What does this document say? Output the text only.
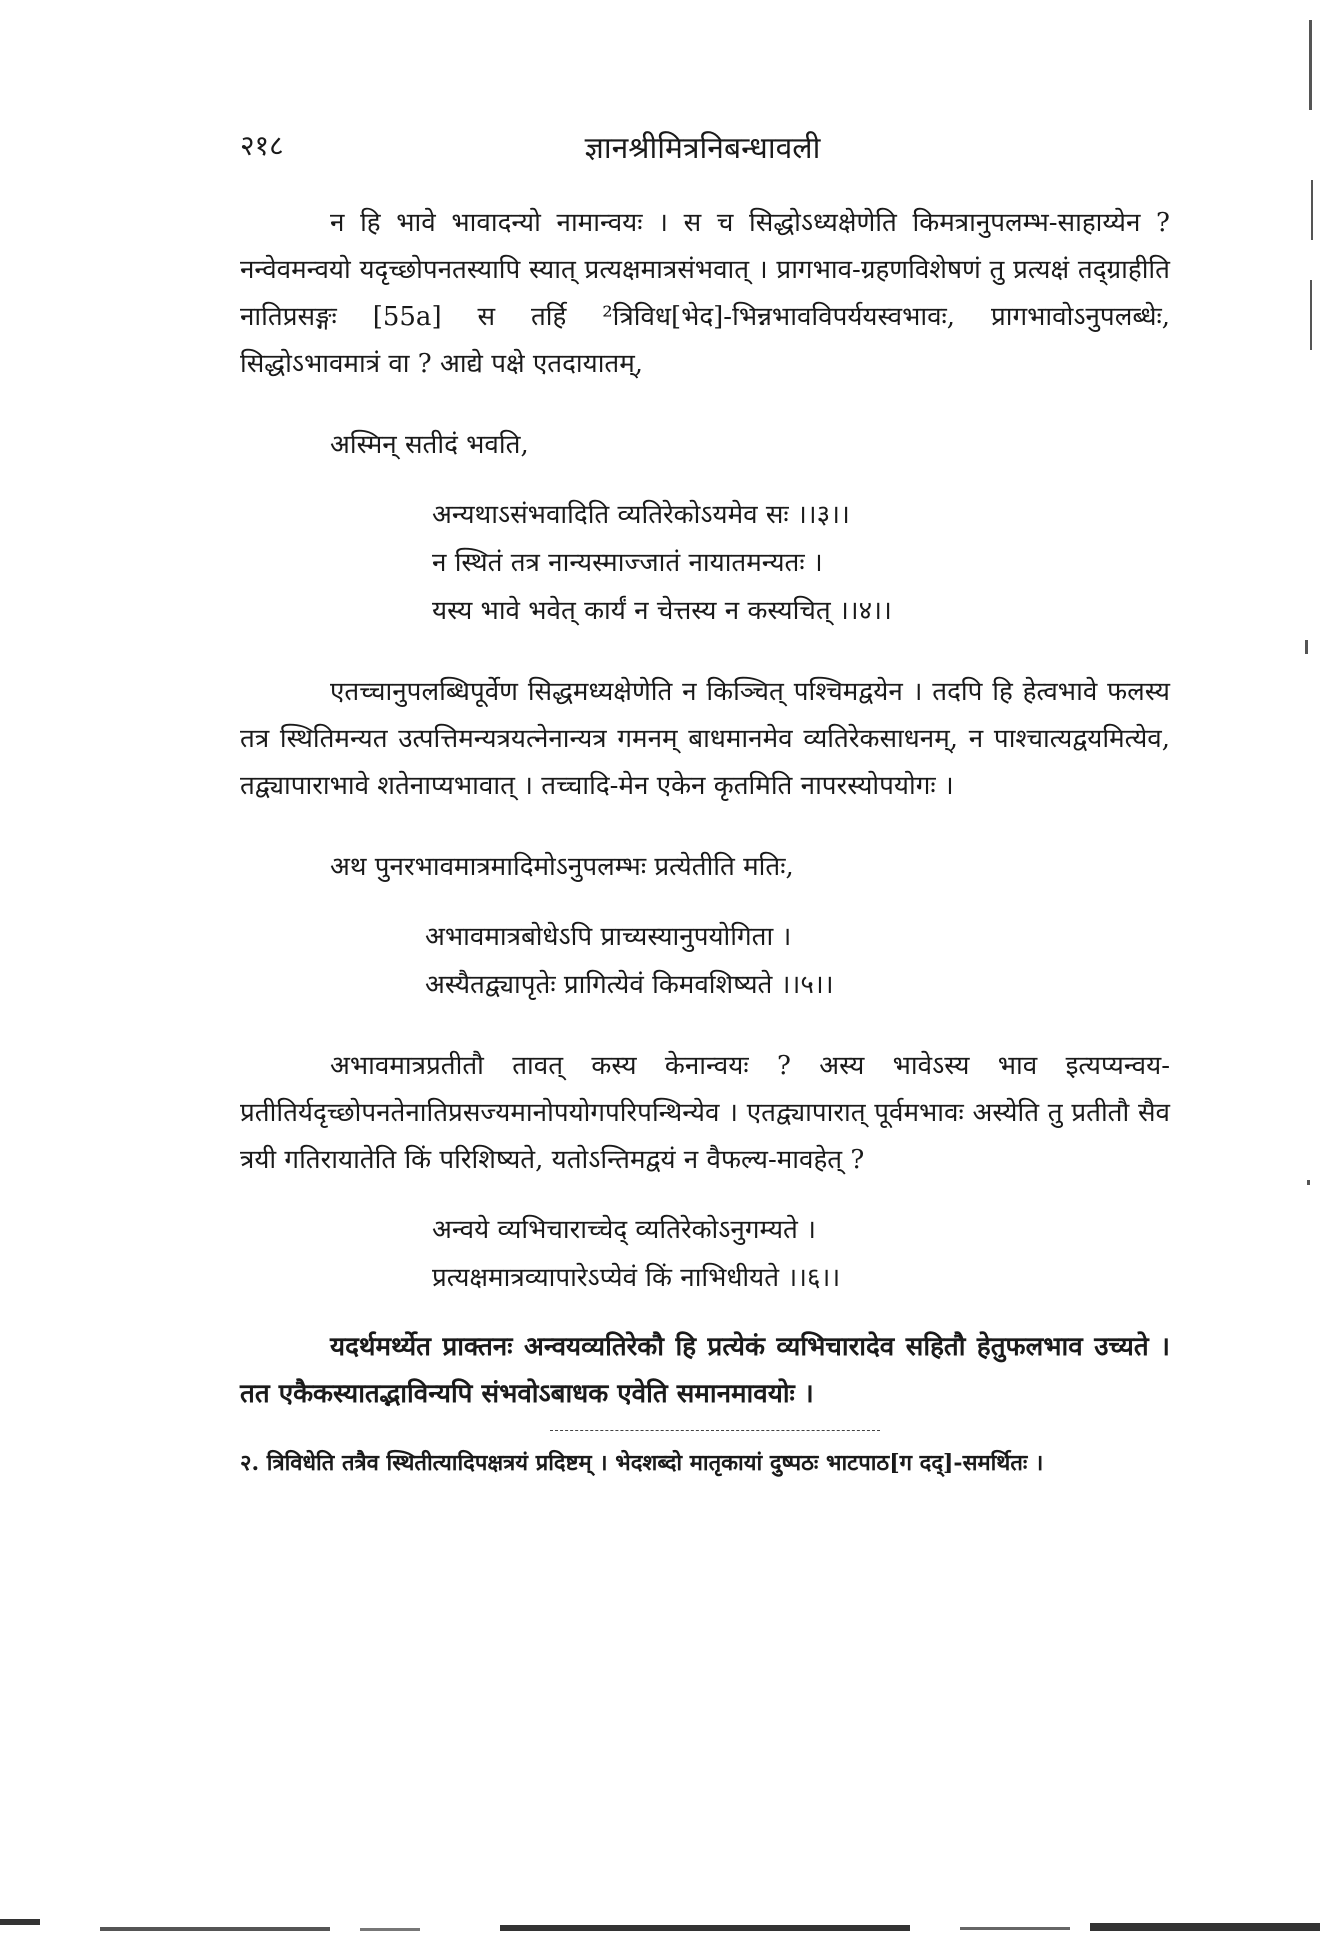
२१८	ज्ञानश्रीमित्रनिबन्धावली

न हि भावे भावादन्यो नामान्वयः । स च सिद्धोऽध्यक्षेणेति किमत्रानुपलम्भ-साहाय्येन ? नन्वेवमन्वयो यदृच्छोपनतस्यापि स्यात् प्रत्यक्षमात्रसंभवात् । प्रागभाव-ग्रहणविशेषणं तु प्रत्यक्षं तद्ग्राहीति नातिप्रसङ्गः [55a] स तर्हि ²त्रिविध[भेद]-भिन्नभावविपर्ययस्वभावः, प्रागभावोऽनुपलब्धेः, सिद्धोऽभावमात्रं वा ? आद्ये पक्षे एतदायातम्,

अस्मिन् सतीदं भवति,

अन्यथाऽसंभवादिति व्यतिरेकोऽयमेव सः ।।३।।
न स्थितं तत्र नान्यस्माज्जातं नायातमन्यतः ।
यस्य भावे भवेत् कार्यं न चेत्तस्य न कस्यचित् ।।४।।

एतच्चानुपलब्धिपूर्वेण सिद्धमध्यक्षेणेति न किञ्चित् पश्चिमद्वयेन । तदपि हि हेत्वभावे फलस्य तत्र स्थितिमन्यत उत्पत्तिमन्यत्रयत्नेनान्यत्र गमनम् बाधमानमेव व्यतिरेकसाधनम्, न पाश्चात्यद्वयमित्येव, तद्व्यापाराभावे शतेनाप्यभावात् । तच्चादि-मेन एकेन कृतमिति नापरस्योपयोगः ।

अथ पुनरभावमात्रमादिमोऽनुपलम्भः प्रत्येतीति मतिः,

अभावमात्रबोधेऽपि प्राच्यस्यानुपयोगिता ।
अस्यैतद्व्यापृतेः प्रागित्येवं किमवशिष्यते ।।५।।

अभावमात्रप्रतीतौ तावत् कस्य केनान्वयः ? अस्य भावेऽस्य भाव इत्यप्यन्वय-प्रतीतिर्यदृच्छोपनतेनातिप्रसज्यमानोपयोगपरिपन्थिन्येव । एतद्व्यापारात् पूर्वमभावः अस्येति तु प्रतीतौ सैव त्रयी गतिरायातेति किं परिशिष्यते, यतोऽन्तिमद्वयं न वैफल्य-मावहेत् ?

अन्वये व्यभिचाराच्चेद् व्यतिरेकोऽनुगम्यते ।
प्रत्यक्षमात्रव्यापारेऽप्येवं किं नाभिधीयते ।।६।।

यदर्थमर्थ्येत प्राक्तनः अन्वयव्यतिरेकौ हि प्रत्येकं व्यभिचारादेव सहितौ हेतुफलभाव उच्यते । तत एकैकस्यातद्भाविन्यपि संभवोऽबाधक एवेति समानमावयोः ।

२. त्रिविधेति तत्रैव स्थितीत्यादिपक्षत्रयं प्रदिष्टम् । भेदशब्दो मातृकायां दुष्पठः भाटपाठ[ग दद्]-समर्थितः ।
